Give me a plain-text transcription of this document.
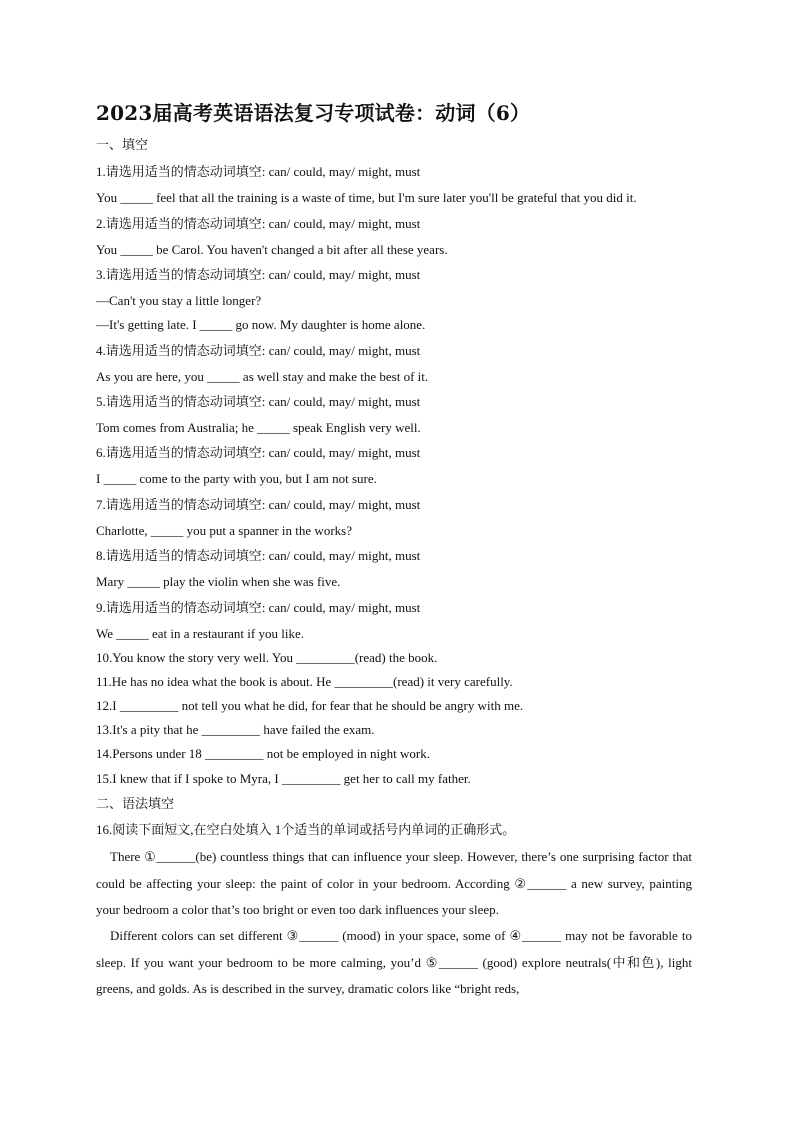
2023届高考英语语法复习专项试卷：动词（6）
一、填空
1.请选用适当的情态动词填空: can/ could, may/ might, must
You _____ feel that all the training is a waste of time, but I'm sure later you'll be grateful that you did it.
2.请选用适当的情态动词填空: can/ could, may/ might, must
You _____ be Carol. You haven't changed a bit after all these years.
3.请选用适当的情态动词填空: can/ could, may/ might, must
—Can't you stay a little longer?
—It's getting late. I _____ go now. My daughter is home alone.
4.请选用适当的情态动词填空: can/ could, may/ might, must
As you are here, you _____ as well stay and make the best of it.
5.请选用适当的情态动词填空: can/ could, may/ might, must
Tom comes from Australia; he _____ speak English very well.
6.请选用适当的情态动词填空: can/ could, may/ might, must
I _____ come to the party with you, but I am not sure.
7.请选用适当的情态动词填空: can/ could, may/ might, must
Charlotte, _____ you put a spanner in the works?
8.请选用适当的情态动词填空: can/ could, may/ might, must
Mary _____ play the violin when she was five.
9.请选用适当的情态动词填空: can/ could, may/ might, must
We _____ eat in a restaurant if you like.
10.You know the story very well. You _________(read) the book.
11.He has no idea what the book is about. He _________(read) it very carefully.
12.I _________ not tell you what he did, for fear that he should be angry with me.
13.It's a pity that he _________ have failed the exam.
14.Persons under 18 _________ not be employed in night work.
15.I knew that if I spoke to Myra, I _________ get her to call my father.
二、语法填空
16.阅读下面短文,在空白处填入 1个适当的单词或括号内单词的正确形式。
There ①______(be) countless things that can influence your sleep. However, there’s one surprising factor that could be affecting your sleep: the paint of color in your bedroom. According ②______ a new survey, painting your bedroom a color that’s too bright or even too dark influences your sleep.
Different colors can set different ③______ (mood) in your space, some of ④______ may not be favorable to sleep. If you want your bedroom to be more calming, you’d ⑤______ (good) explore neutrals(中和色), light greens, and golds. As is described in the survey, dramatic colors like “bright reds,
